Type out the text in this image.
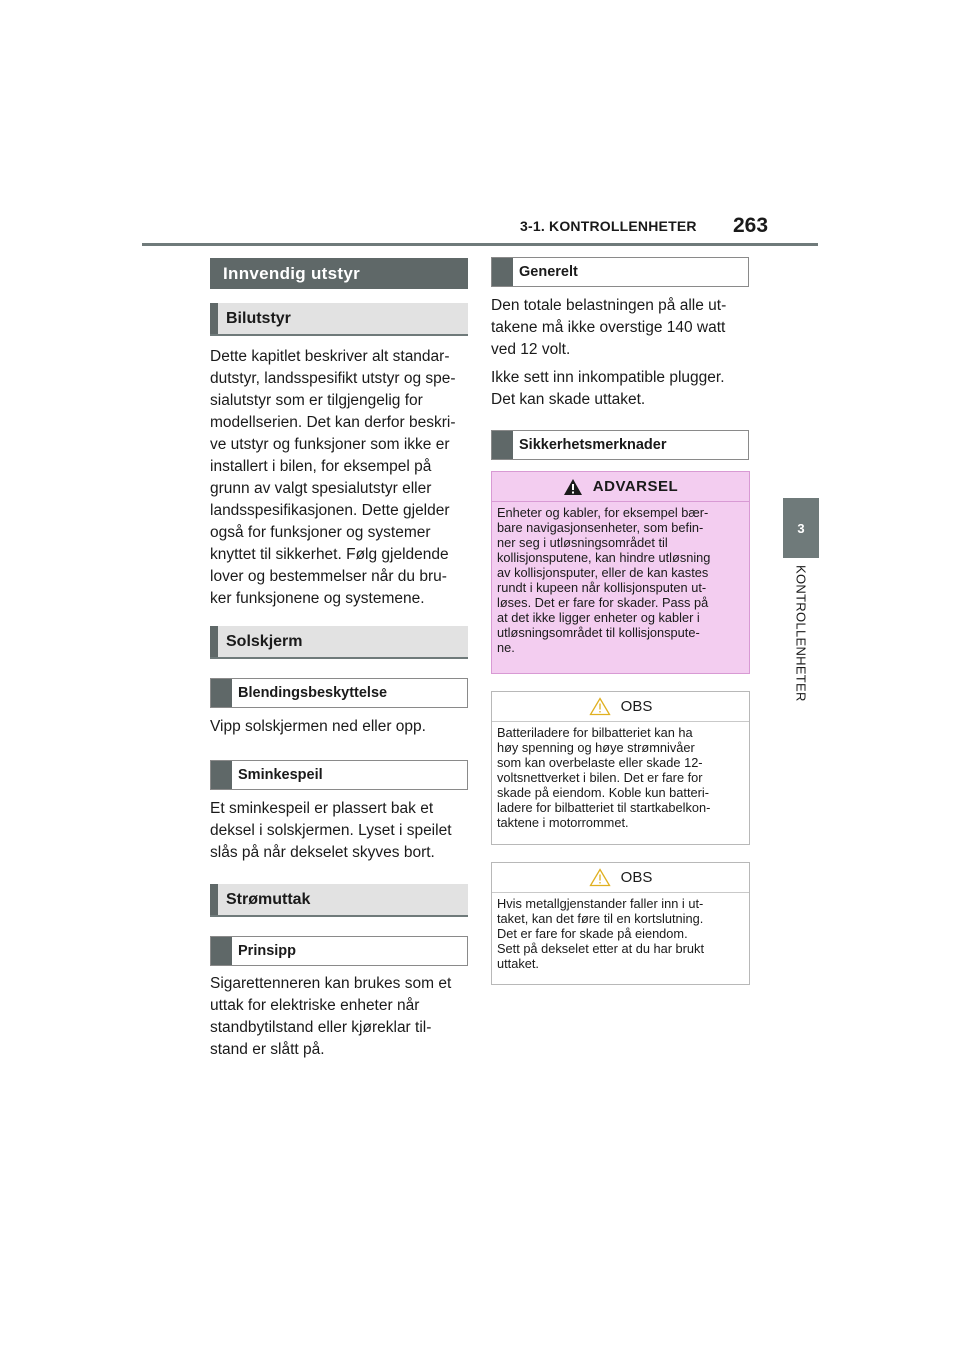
3-1. KONTROLLENHETER 263
3
KONTROLLENHETER
Innvendig utstyr
Bilutstyr

Dette kapitlet beskriver alt standar-

dutstyr, landsspesifikt utstyr og spe-

sialutstyr som er tilgjengelig for

modellserien. Det kan derfor beskri-

ve utstyr og funksjoner som ikke er

installert i bilen, for eksempel på

grunn av valgt spesialutstyr eller

landsspesifikasjonen. Dette gjelder

også for funksjoner og systemer

knyttet til sikkerhet. Følg gjeldende

lover og bestemmelser når du bru-

ker funksjonene og systemene.

Solskjerm
Blendingsbeskyttelse

Vipp solskjermen ned eller opp.

Sminkespeil

Et sminkespeil er plassert bak et

deksel i solskjermen. Lyset i speilet

slås på når dekselet skyves bort.

Strømuttak
Prinsipp

Sigarettenneren kan brukes som et

uttak for elektriske enheter når

standbytilstand eller kjøreklar til-

stand er slått på.

Generelt

Den totale belastningen på alle ut-

takene må ikke overstige 140 watt

ved 12 volt.

Ikke sett inn inkompatible plugger.

Det kan skade uttaket.

Sikkerhetsmerknader
ADVARSEL
Enheter og kabler, for eksempel bær-
bare navigasjonsenheter, som befin-
ner seg i utløsningsområdet til
kollisjonsputene, kan hindre utløsning
av kollisjonsputer, eller de kan kastes
rundt i kupeen når kollisjonsputen ut-
løses. Det er fare for skader. Pass på
at det ikke ligger enheter og kabler i
utløsningsområdet til kollisjonspute-
ne.
OBS
Batteriladere for bilbatteriet kan ha
høy spenning og høye strømnivåer
som kan overbelaste eller skade 12-
voltsnettverket i bilen. Det er fare for
skade på eiendom. Koble kun batteri-
ladere for bilbatteriet til startkabelkon-
taktene i motorrommet.
OBS
Hvis metallgjenstander faller inn i ut-
taket, kan det føre til en kortslutning.
Det er fare for skade på eiendom.
Sett på dekselet etter at du har brukt
uttaket.
